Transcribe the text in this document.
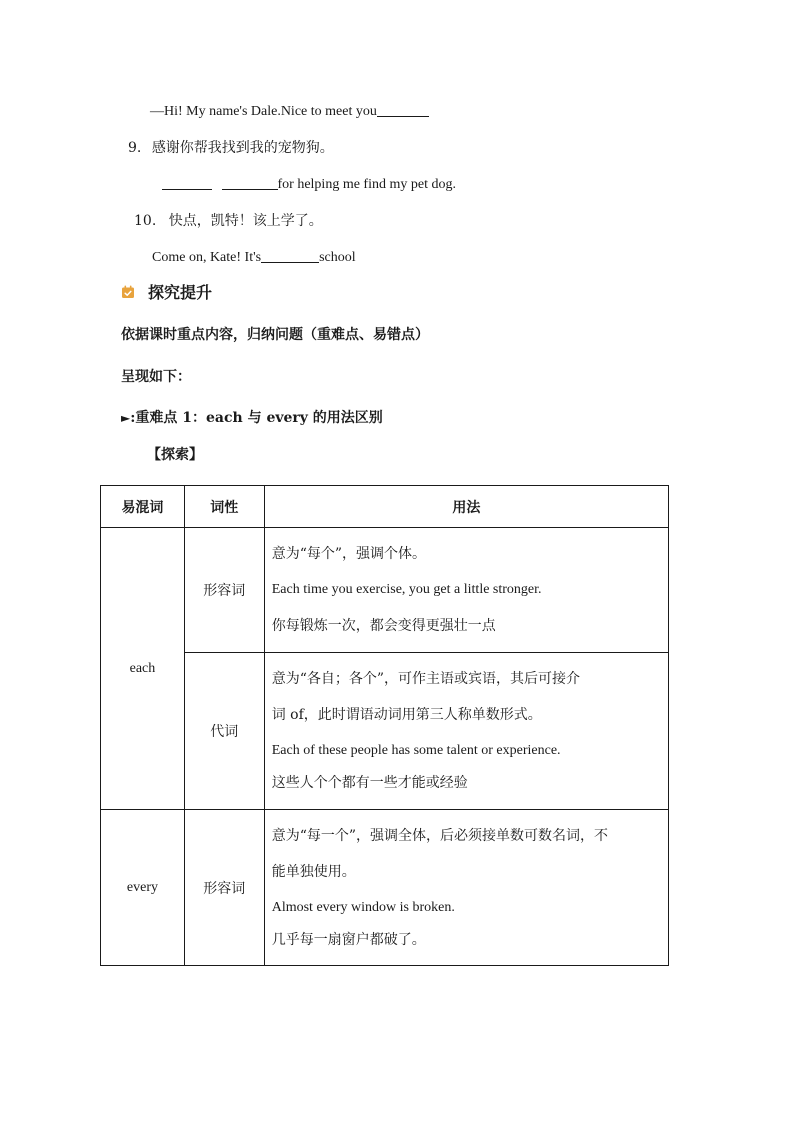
—Hi! My name's Dale.Nice to meet you
9. 感谢你帮我找到我的宠物狗。
for helping me find my pet dog.
10. 快点，凯特！该上学了。
Come on, Kate! It's	school
探究提升
依据课时重点内容，归纳问题（重难点、易错点）
呈现如下：
►:重难点 1：each 与 every 的用法区别
【探索】
易混词	词性	用法
each	形容词	意为“每个”，强调个体。

Each time you exercise, you get a little stronger.

你每锻炼一次，都会变得更强壮一点

	代词	意为“各自；各个”，可作主语或宾语，其后可接介

词 of，此时谓语动词用第三人称单数形式。

Each of these people has some talent or experience.

这些人个个都有一些才能或经验

every	形容词	意为“每一个”，强调全体，后必须接单数可数名词，不

能单独使用。

Almost every window is broken.

几乎每一扇窗户都破了。
